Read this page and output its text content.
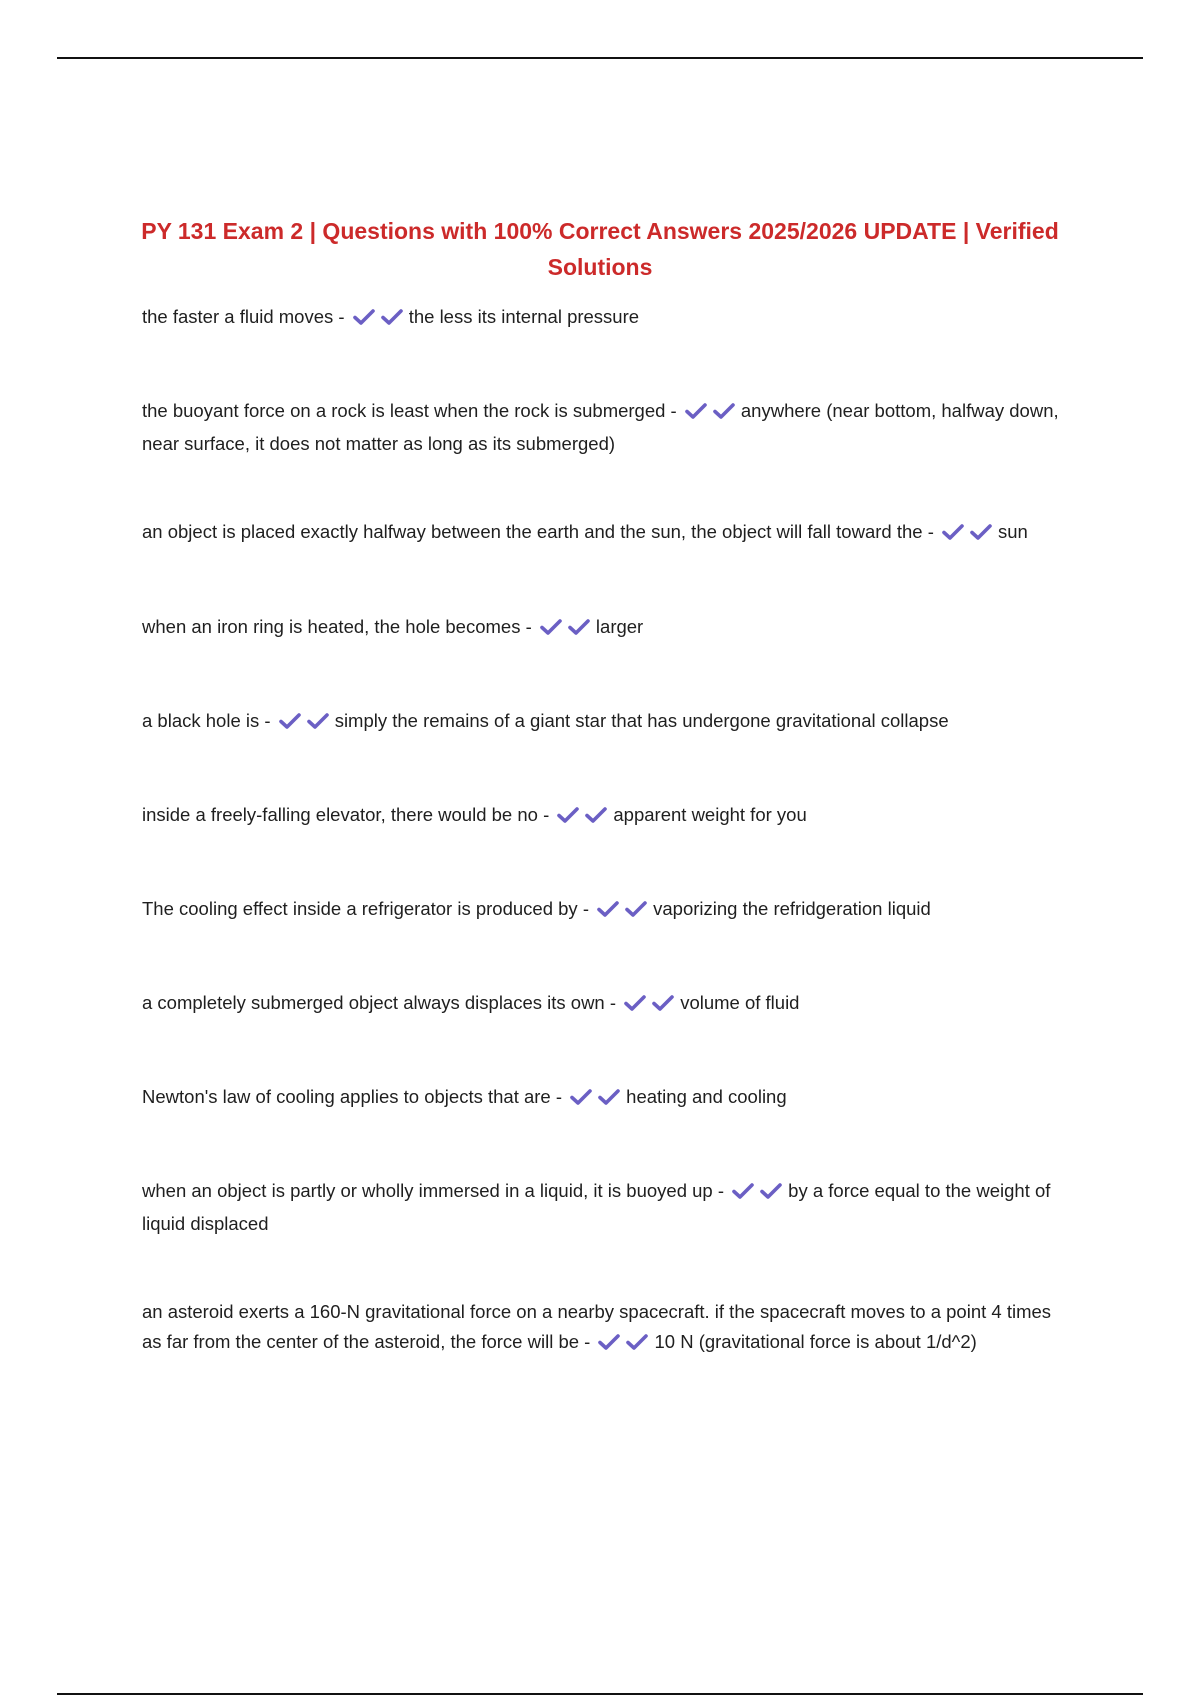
PY 131 Exam 2 | Questions with 100% Correct Answers 2025/2026 UPDATE | Verified Solutions
the faster a fluid moves -	the less its internal pressure
the buoyant force on a rock is least when the rock is submerged -	anywhere (near bottom, halfway down, near surface, it does not matter as long as its submerged)
an object is placed exactly halfway between the earth and the sun, the object will fall toward the -	sun
when an iron ring is heated, the hole becomes -	larger
a black hole is -	simply the remains of a giant star that has undergone gravitational collapse
inside a freely-falling elevator, there would be no -	apparent weight for you
The cooling effect inside a refrigerator is produced by -	vaporizing the refridgeration liquid
a completely submerged object always displaces its own -	volume of fluid
Newton's law of cooling applies to objects that are -	heating and cooling
when an object is partly or wholly immersed in a liquid, it is buoyed up -	by a force equal to the weight of liquid displaced
an asteroid exerts a 160-N gravitational force on a nearby spacecraft. if the spacecraft moves to a point 4 times as far from the center of the asteroid, the force will be -	10 N (gravitational force is about 1/d^2)
